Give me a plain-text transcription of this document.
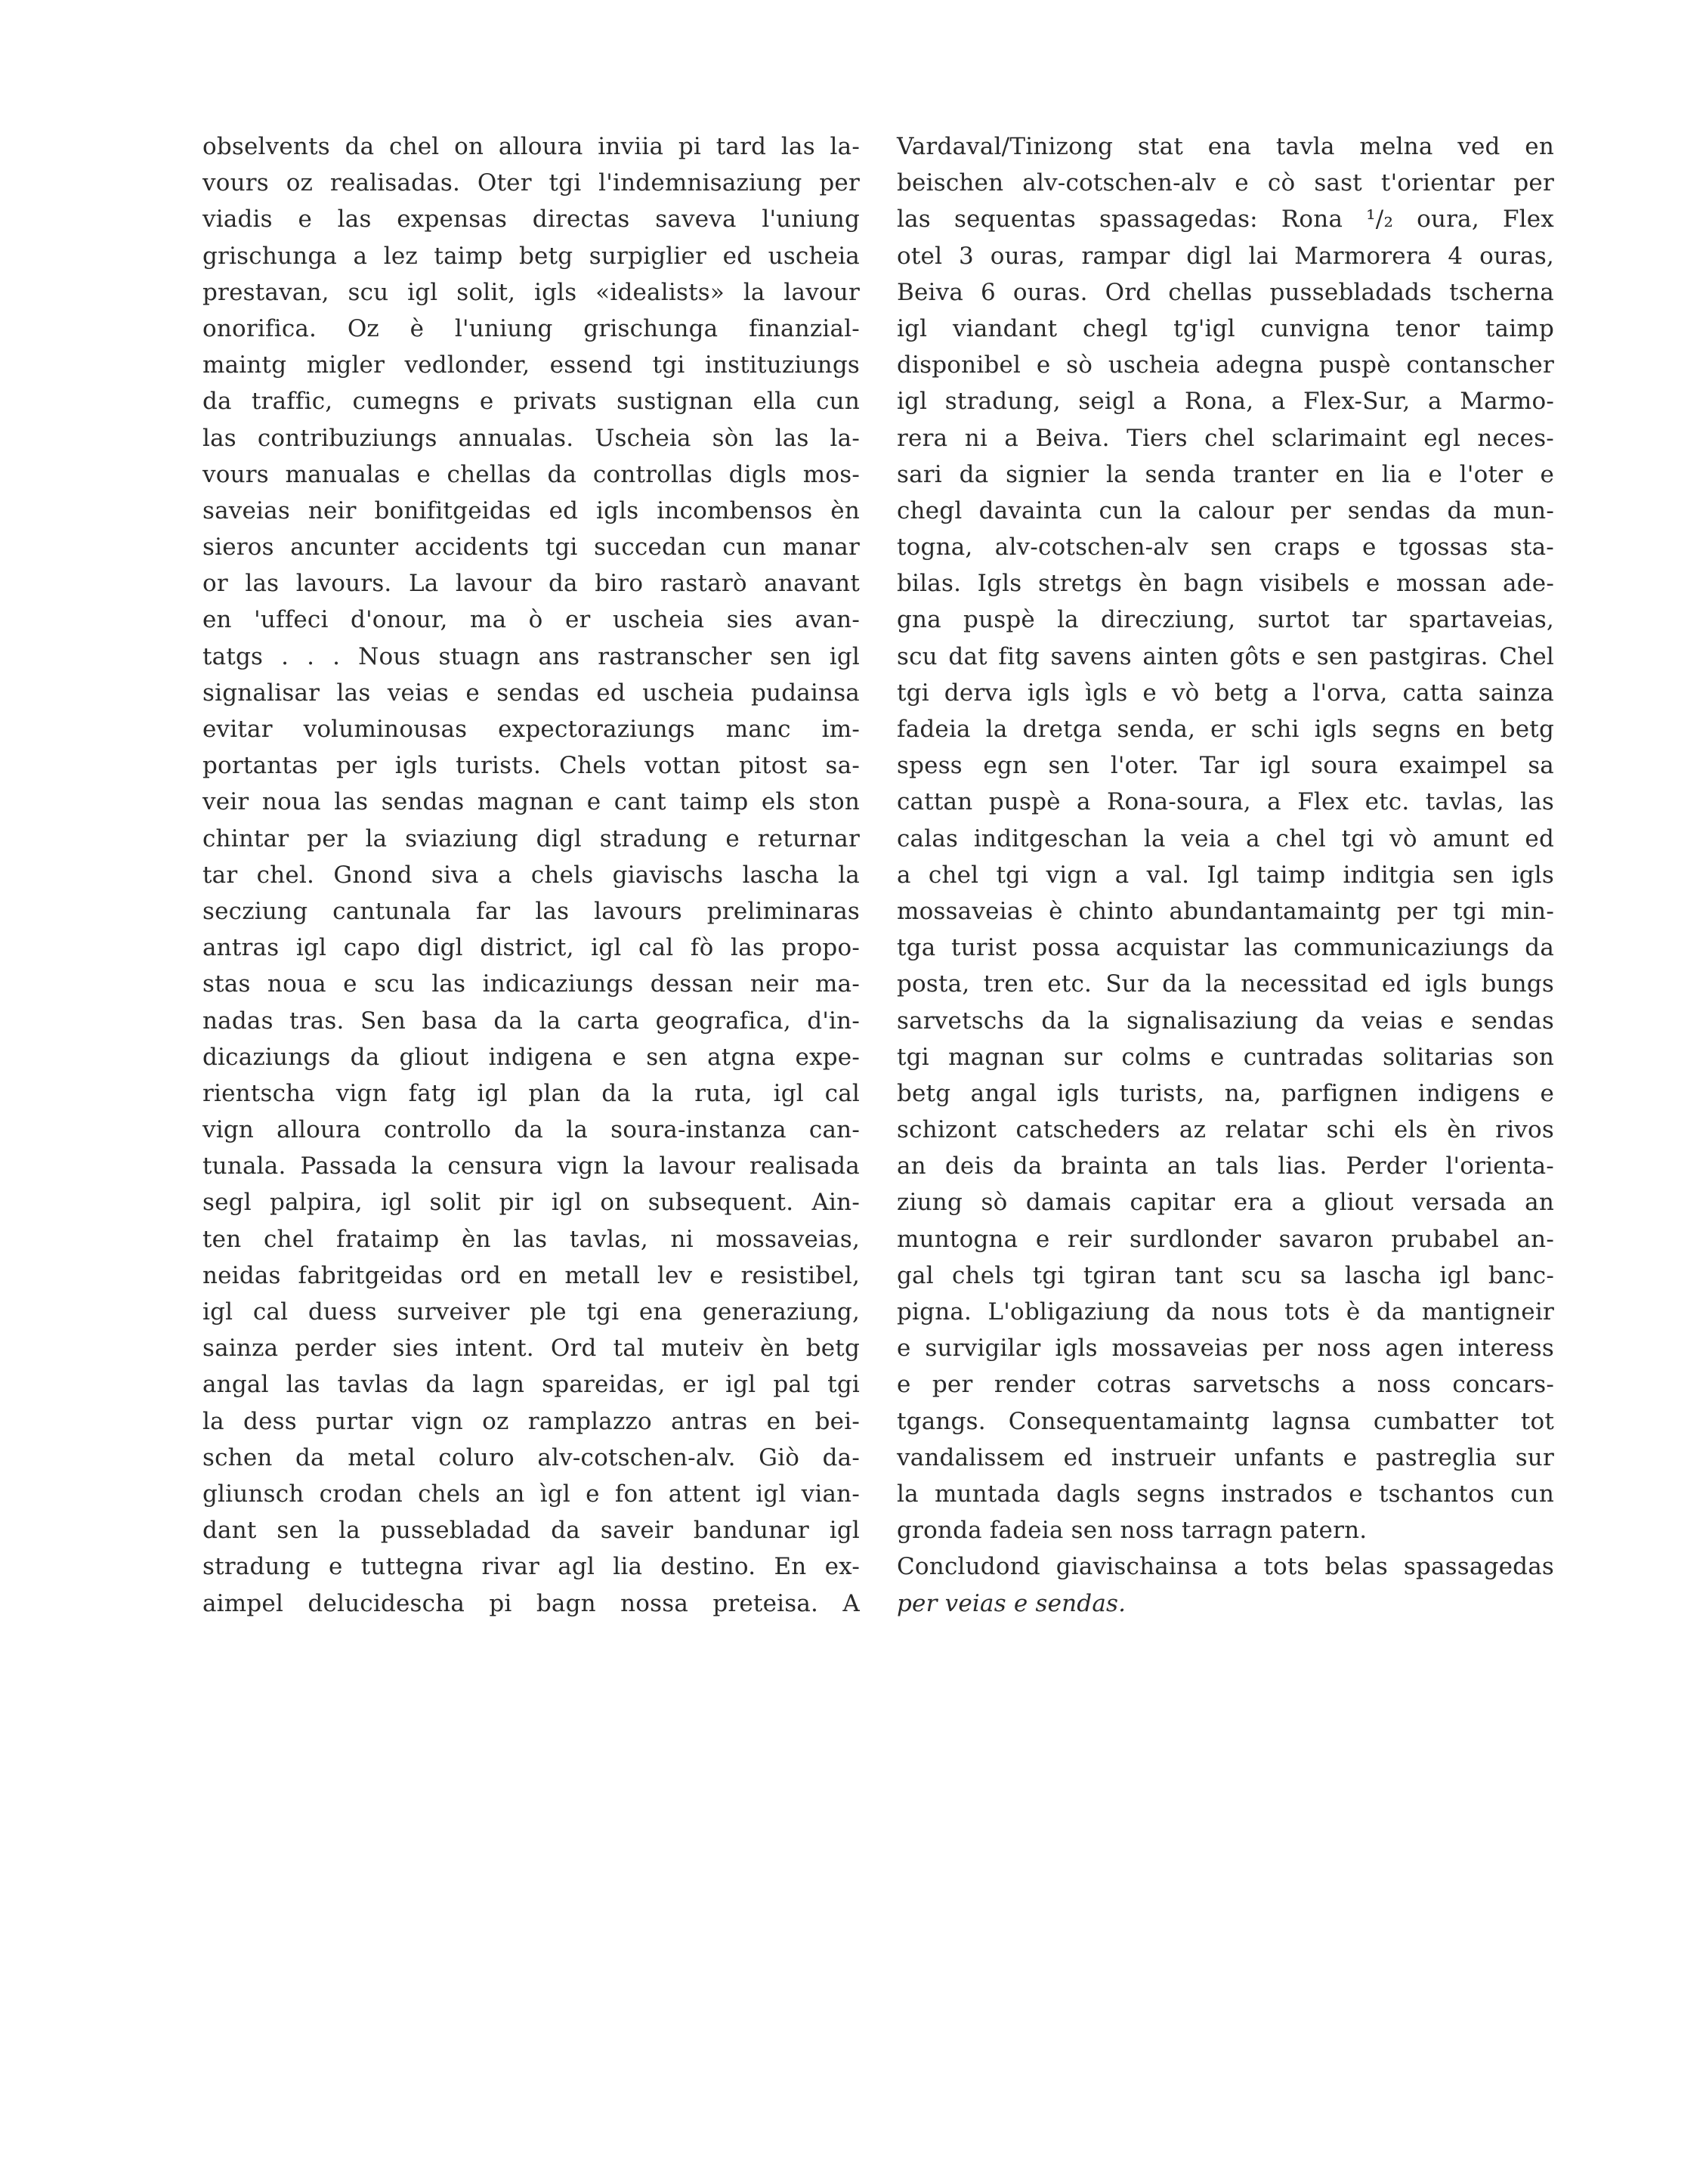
obselvents da chel on alloura inviia pi tard las la-
vours oz realisadas. Oter tgi l'indemnisaziung per
viadis e las expensas directas saveva l'uniung
grischunga a lez taimp betg surpiglier ed uscheia
prestavan, scu igl solit, igls «idealists» la lavour
onorifica. Oz è l'uniung grischunga finanzial-
maintg migler vedlonder, essend tgi instituziungs
da traffic, cumegns e privats sustignan ella cun
las contribuziungs annualas. Uscheia sòn las la-
vours manualas e chellas da controllas digls mos-
saveias neir bonifitgeidas ed igls incombensos èn
sieros ancunter accidents tgi succedan cun manar
or las lavours. La lavour da biro rastarò anavant
en 'uffeci d'onour, ma ò er uscheia sies avan-
tatgs . . . Nous stuagn ans rastranscher sen igl
signalisar las veias e sendas ed uscheia pudainsa
evitar voluminousas expectoraziungs manc im-
portantas per igls turists. Chels vottan pitost sa-
veir noua las sendas magnan e cant taimp els ston
chintar per la sviaziung digl stradung e returnar
tar chel. Gnond siva a chels giavischs lascha la
secziung cantunala far las lavours preliminaras
antras igl capo digl district, igl cal fò las propo-
stas noua e scu las indicaziungs dessan neir ma-
nadas tras. Sen basa da la carta geografica, d'in-
dicaziungs da gliout indigena e sen atgna expe-
rientscha vign fatg igl plan da la ruta, igl cal
vign alloura controllo da la soura-instanza can-
tunala. Passada la censura vign la lavour realisada
segl palpira, igl solit pir igl on subsequent. Ain-
ten chel frataimp èn las tavlas, ni mossaveias,
neidas fabritgeidas ord en metall lev e resistibel,
igl cal duess surveiver ple tgi ena generaziung,
sainza perder sies intent. Ord tal muteiv èn betg
angal las tavlas da lagn spareidas, er igl pal tgi
la dess purtar vign oz ramplazzo antras en bei-
schen da metal coluro alv-cotschen-alv. Giò da-
gliunsch crodan chels an ìgl e fon attent igl vian-
dant sen la pussebladad da saveir bandunar igl
stradung e tuttegna rivar agl lia destino. En ex-
aimpel delucidescha pi bagn nossa preteisa. A
Vardaval/Tinizong stat ena tavla melna ved en
beischen alv-cotschen-alv e cò sast t'orientar per
las sequentas spassagedas: Rona ¹/₂ oura, Flex
otel 3 ouras, rampar digl lai Marmorera 4 ouras,
Beiva 6 ouras. Ord chellas pussebladads tscherna
igl viandant chegl tg'igl cunvigna tenor taimp
disponibel e sò uscheia adegna puspè contanscher
igl stradung, seigl a Rona, a Flex-Sur, a Marmo-
rera ni a Beiva. Tiers chel sclarimaint egl neces-
sari da signier la senda tranter en lia e l'oter e
chegl davainta cun la calour per sendas da mun-
togna, alv-cotschen-alv sen craps e tgossas sta-
bilas. Igls stretgs èn bagn visibels e mossan ade-
gna puspè la direcziung, surtot tar spartaveias,
scu dat fitg savens ainten gôts e sen pastgiras. Chel
tgi derva igls ìgls e vò betg a l'orva, catta sainza
fadeia la dretga senda, er schi igls segns en betg
spess egn sen l'oter. Tar igl soura exaimpel sa
cattan puspè a Rona-soura, a Flex etc. tavlas, las
calas inditgeschan la veia a chel tgi vò amunt ed
a chel tgi vign a val. Igl taimp inditgia sen igls
mossaveias è chinto abundantamaintg per tgi min-
tga turist possa acquistar las communicaziungs da
posta, tren etc. Sur da la necessitad ed igls bungs
sarvetschs da la signalisaziung da veias e sendas
tgi magnan sur colms e cuntradas solitarias son
betg angal igls turists, na, parfignen indigens e
schizont catscheders az relatar schi els èn rivos
an deis da brainta an tals lias. Perder l'orienta-
ziung sò damais capitar era a gliout versada an
muntogna e reir surdlonder savaron prubabel an-
gal chels tgi tgiran tant scu sa lascha igl banc-
pigna. L'obligaziung da nous tots è da mantigneir
e survigilar igls mossaveias per noss agen interess
e per render cotras sarvetschs a noss concars-
tgangs. Consequentamaintg lagnsa cumbatter tot
vandalissem ed instrueir unfants e pastreglia sur
la muntada dagls segns instrados e tschantos cun
gronda fadeia sen noss tarragn patern.
Concludond giavischainsa a tots belas spassagedas
per veias e sendas.
